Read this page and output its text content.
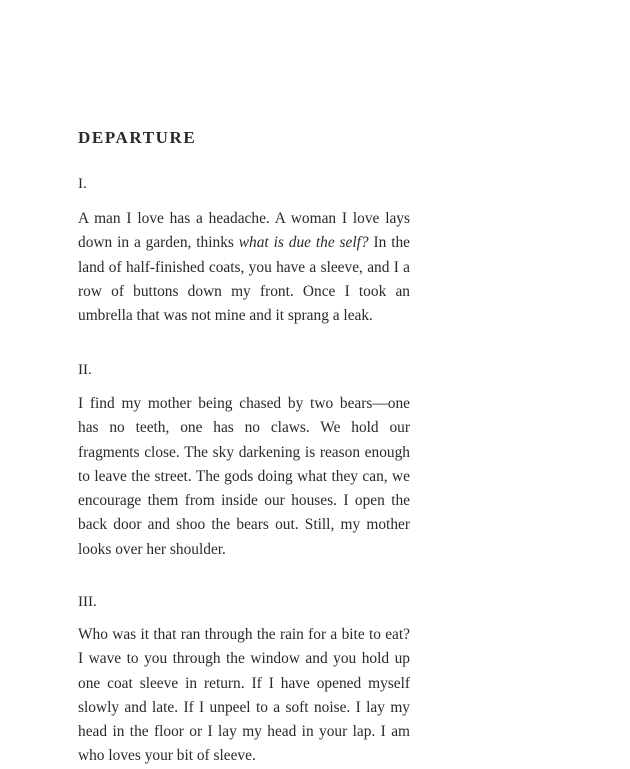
DEPARTURE
I.

A man I love has a headache. A woman I love lays down in a garden, thinks what is due the self? In the land of half-finished coats, you have a sleeve, and I a row of buttons down my front. Once I took an umbrella that was not mine and it sprang a leak.

II.

I find my mother being chased by two bears—one has no teeth, one has no claws. We hold our fragments close. The sky darkening is reason enough to leave the street. The gods doing what they can, we encourage them from inside our houses. I open the back door and shoo the bears out. Still, my mother looks over her shoulder.

III.

Who was it that ran through the rain for a bite to eat? I wave to you through the window and you hold up one coat sleeve in return. If I have opened myself slowly and late. If I unpeel to a soft noise. I lay my head in the floor or I lay my head in your lap. I am who loves your bit of sleeve.
